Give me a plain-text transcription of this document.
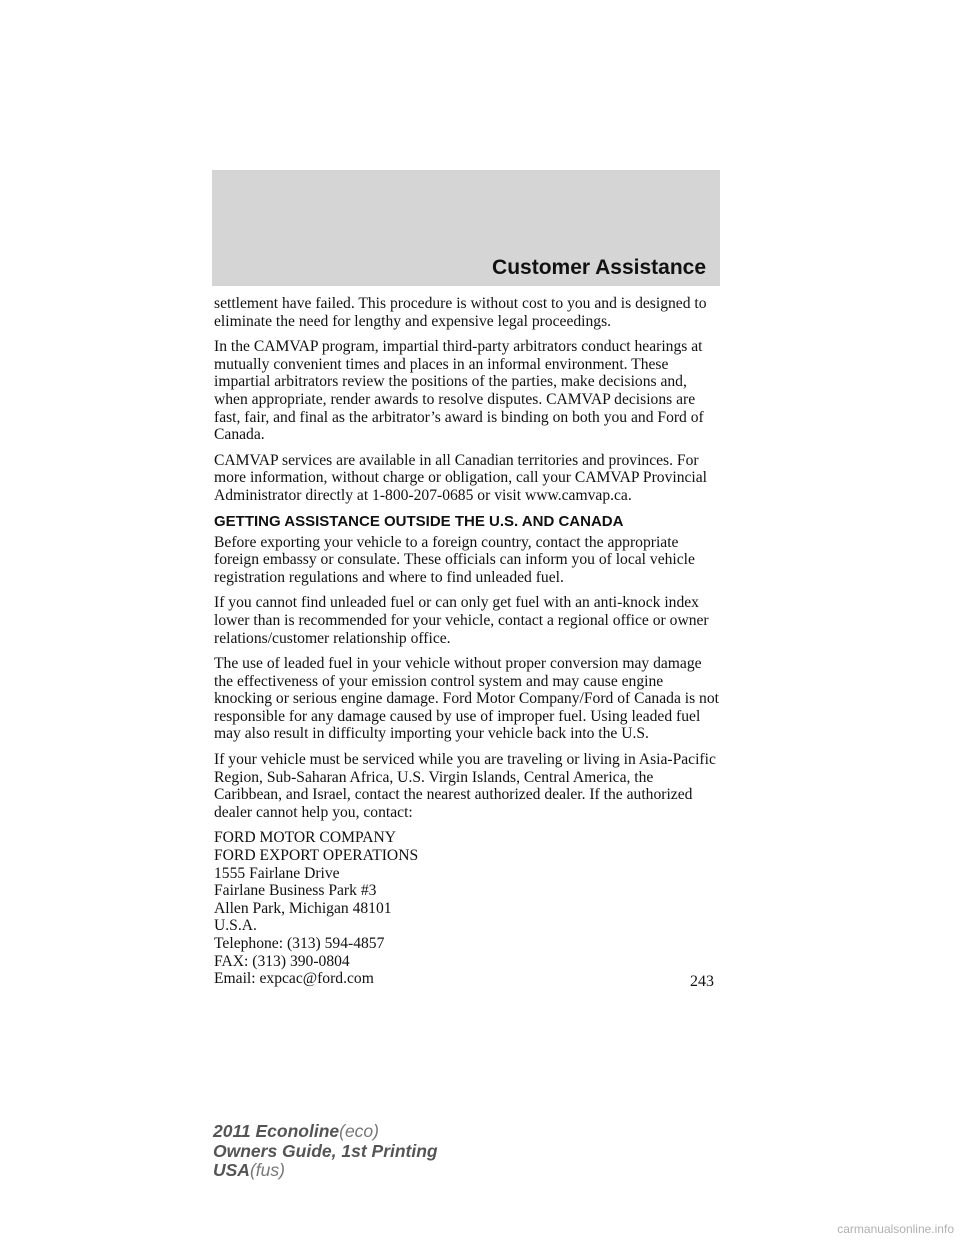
Customer Assistance

settlement have failed. This procedure is without cost to you and is designed to eliminate the need for lengthy and expensive legal proceedings.

In the CAMVAP program, impartial third-party arbitrators conduct hearings at mutually convenient times and places in an informal environment. These impartial arbitrators review the positions of the parties, make decisions and, when appropriate, render awards to resolve disputes. CAMVAP decisions are fast, fair, and final as the arbitrator’s award is binding on both you and Ford of Canada.

CAMVAP services are available in all Canadian territories and provinces. For more information, without charge or obligation, call your CAMVAP Provincial Administrator directly at 1-800-207-0685 or visit www.camvap.ca.

GETTING ASSISTANCE OUTSIDE THE U.S. AND CANADA

Before exporting your vehicle to a foreign country, contact the appropriate foreign embassy or consulate. These officials can inform you of local vehicle registration regulations and where to find unleaded fuel.

If you cannot find unleaded fuel or can only get fuel with an anti-knock index lower than is recommended for your vehicle, contact a regional office or owner relations/customer relationship office.

The use of leaded fuel in your vehicle without proper conversion may damage the effectiveness of your emission control system and may cause engine knocking or serious engine damage. Ford Motor Company/Ford of Canada is not responsible for any damage caused by use of improper fuel. Using leaded fuel may also result in difficulty importing your vehicle back into the U.S.

If your vehicle must be serviced while you are traveling or living in Asia-Pacific Region, Sub-Saharan Africa, U.S. Virgin Islands, Central America, the Caribbean, and Israel, contact the nearest authorized dealer. If the authorized dealer cannot help you, contact:

FORD MOTOR COMPANY
FORD EXPORT OPERATIONS
1555 Fairlane Drive
Fairlane Business Park #3
Allen Park, Michigan 48101
U.S.A.
Telephone: (313) 594-4857
FAX: (313) 390-0804
Email: expcac@ford.com	243
2011 Econoline(eco)
Owners Guide, 1st Printing
USA(fus)
carmanualsonline.info
